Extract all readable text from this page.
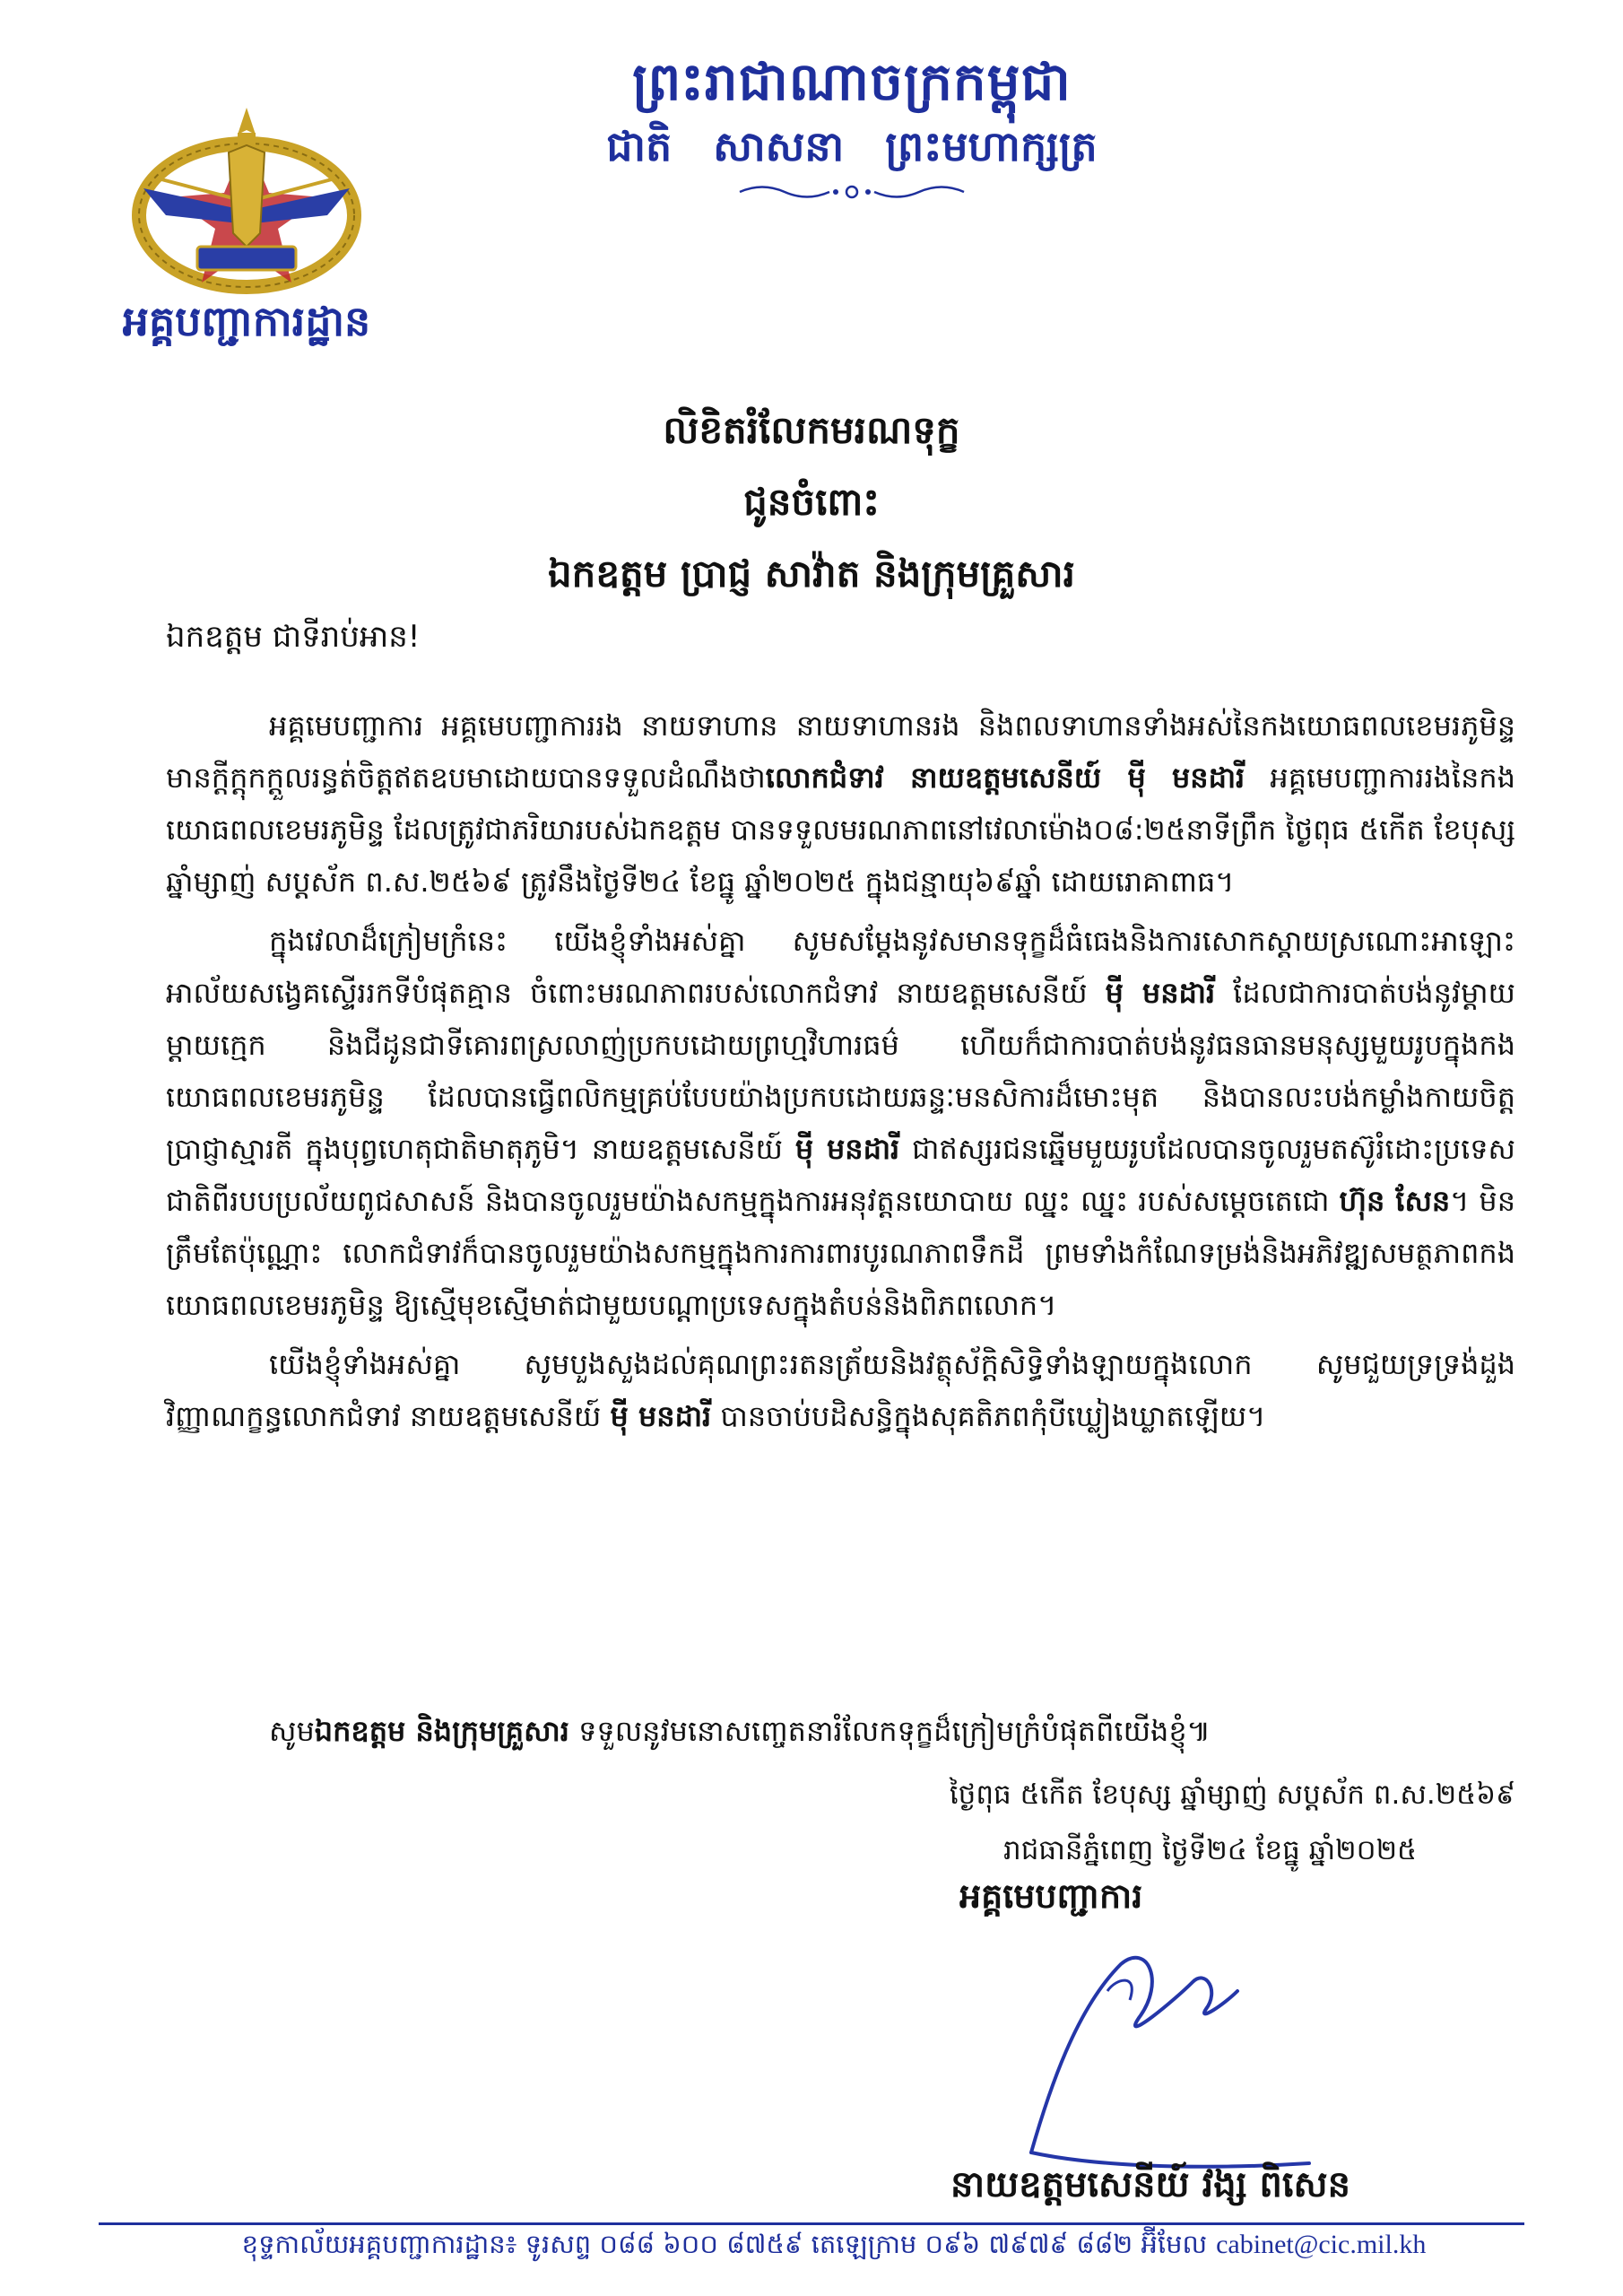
ព្រះរាជាណាចក្រកម្ពុជា
ជាតិ សាសនា ព្រះមហាក្សត្រ
អគ្គបញ្ជាការដ្ឋាន
លិខិតរំលែកមរណទុក្ខ
ជូនចំពោះ
ឯកឧត្តម ប្រាជ្ញ សាវ៉ាត និងក្រុមគ្រួសារ
ឯកឧត្តម ជាទីរាប់អាន!

អគ្គមេបញ្ជាការ អគ្គមេបញ្ជាការរង នាយទាហាន នាយទាហានរង និងពលទាហានទាំងអស់នៃកងយោធពលខេមរភូមិន្ទ មានក្ដីក្ដុកក្ដួលរន្ធត់ចិត្តឥតឧបមាដោយបានទទួលដំណឹងថាលោកជំទាវ នាយឧត្តមសេនីយ៍ ម៉ី មនដារី អគ្គមេបញ្ជាការរងនៃកងយោធពលខេមរភូមិន្ទ ដែលត្រូវជាភរិយារបស់ឯកឧត្តម បានទទួលមរណភាពនៅវេលាម៉ោង០៨:២៥នាទីព្រឹក ថ្ងៃពុធ ៥កើត ខែបុស្ស ឆ្នាំម្សាញ់ សប្តស័ក ព.ស.២៥៦៩ ត្រូវនឹងថ្ងៃទី២៤ ខែធ្នូ ឆ្នាំ២០២៥ ក្នុងជន្មាយុ៦៩ឆ្នាំ ដោយរោគាពាធ។

ក្នុងវេលាដ៏ក្រៀមក្រំនេះ យើងខ្ញុំទាំងអស់គ្នា សូមសម្ដែងនូវសមានទុក្ខដ៏ធំធេងនិងការសោកស្ដាយស្រណោះអាឡោះអាល័យសង្វេគស្ទើររកទីបំផុតគ្មាន ចំពោះមរណភាពរបស់លោកជំទាវ នាយឧត្តមសេនីយ៍ ម៉ី មនដារី ដែលជាការបាត់បង់នូវម្ដាយ ម្ដាយក្មេក និងជីដូនជាទីគោរពស្រលាញ់ប្រកបដោយព្រហ្មវិហារធម៌ ហើយក៏ជាការបាត់បង់នូវធនធានមនុស្សមួយរូបក្នុងកងយោធពលខេមរភូមិន្ទ ដែលបានធ្វើពលិកម្មគ្រប់បែបយ៉ាងប្រកបដោយឆន្ទៈមនសិការដ៏មោះមុត និងបានលះបង់កម្លាំងកាយចិត្ត ប្រាជ្ញាស្មារតី ក្នុងបុព្វហេតុជាតិមាតុភូមិ។ នាយឧត្តមសេនីយ៍ ម៉ី មនដារី ជាឥស្សរជនឆ្នើមមួយរូបដែលបានចូលរួមតស៊ូរំដោះប្រទេសជាតិពីរបបប្រល័យពូជសាសន៍ និងបានចូលរួមយ៉ាងសកម្មក្នុងការអនុវត្តនយោបាយ ឈ្នះ ឈ្នះ របស់សម្ដេចតេជោ ហ៊ុន សែន។ មិនត្រឹមតែប៉ុណ្ណោះ លោកជំទាវក៏បានចូលរួមយ៉ាងសកម្មក្នុងការការពារបូរណភាពទឹកដី ព្រមទាំងកំណែទម្រង់និងអភិវឌ្ឍសមត្ថភាពកងយោធពលខេមរភូមិន្ទ ឱ្យស្មើមុខស្មើមាត់ជាមួយបណ្ដាប្រទេសក្នុងតំបន់និងពិភពលោក។

យើងខ្ញុំទាំងអស់គ្នា សូមបួងសួងដល់គុណព្រះរតនត្រ័យនិងវត្ថុស័ក្ដិសិទ្ធិទាំងឡាយក្នុងលោក សូមជួយទ្រទ្រង់ដួងវិញ្ញាណក្ខន្ធលោកជំទាវ នាយឧត្តមសេនីយ៍ ម៉ី មនដារី បានចាប់បដិសន្ធិក្នុងសុគតិភពកុំបីឃ្លៀងឃ្លាតឡើយ។

សូមឯកឧត្តម និងក្រុមគ្រួសារ ទទួលនូវមនោសញ្ចេតនារំលែកទុក្ខដ៏ក្រៀមក្រំបំផុតពីយើងខ្ញុំ៕
ថ្ងៃពុធ ៥កើត ខែបុស្ស ឆ្នាំម្សាញ់ សប្តស័ក ព.ស.២៥៦៩
រាជធានីភ្នំពេញ ថ្ងៃទី២៤ ខែធ្នូ ឆ្នាំ២០២៥
អគ្គមេបញ្ជាការ
នាយឧត្តមសេនីយ៍ វង្ស ពិសេន
ខុទ្ទកាល័យអគ្គបញ្ជាការដ្ឋាន៖ ទូរសព្ទ ០៨៨ ៦០០ ៨៧៥៩ តេឡេក្រាម ០៩៦ ៧៩៧៩ ៨៨២ អ៊ីមែល cabinet@cic.mil.kh
